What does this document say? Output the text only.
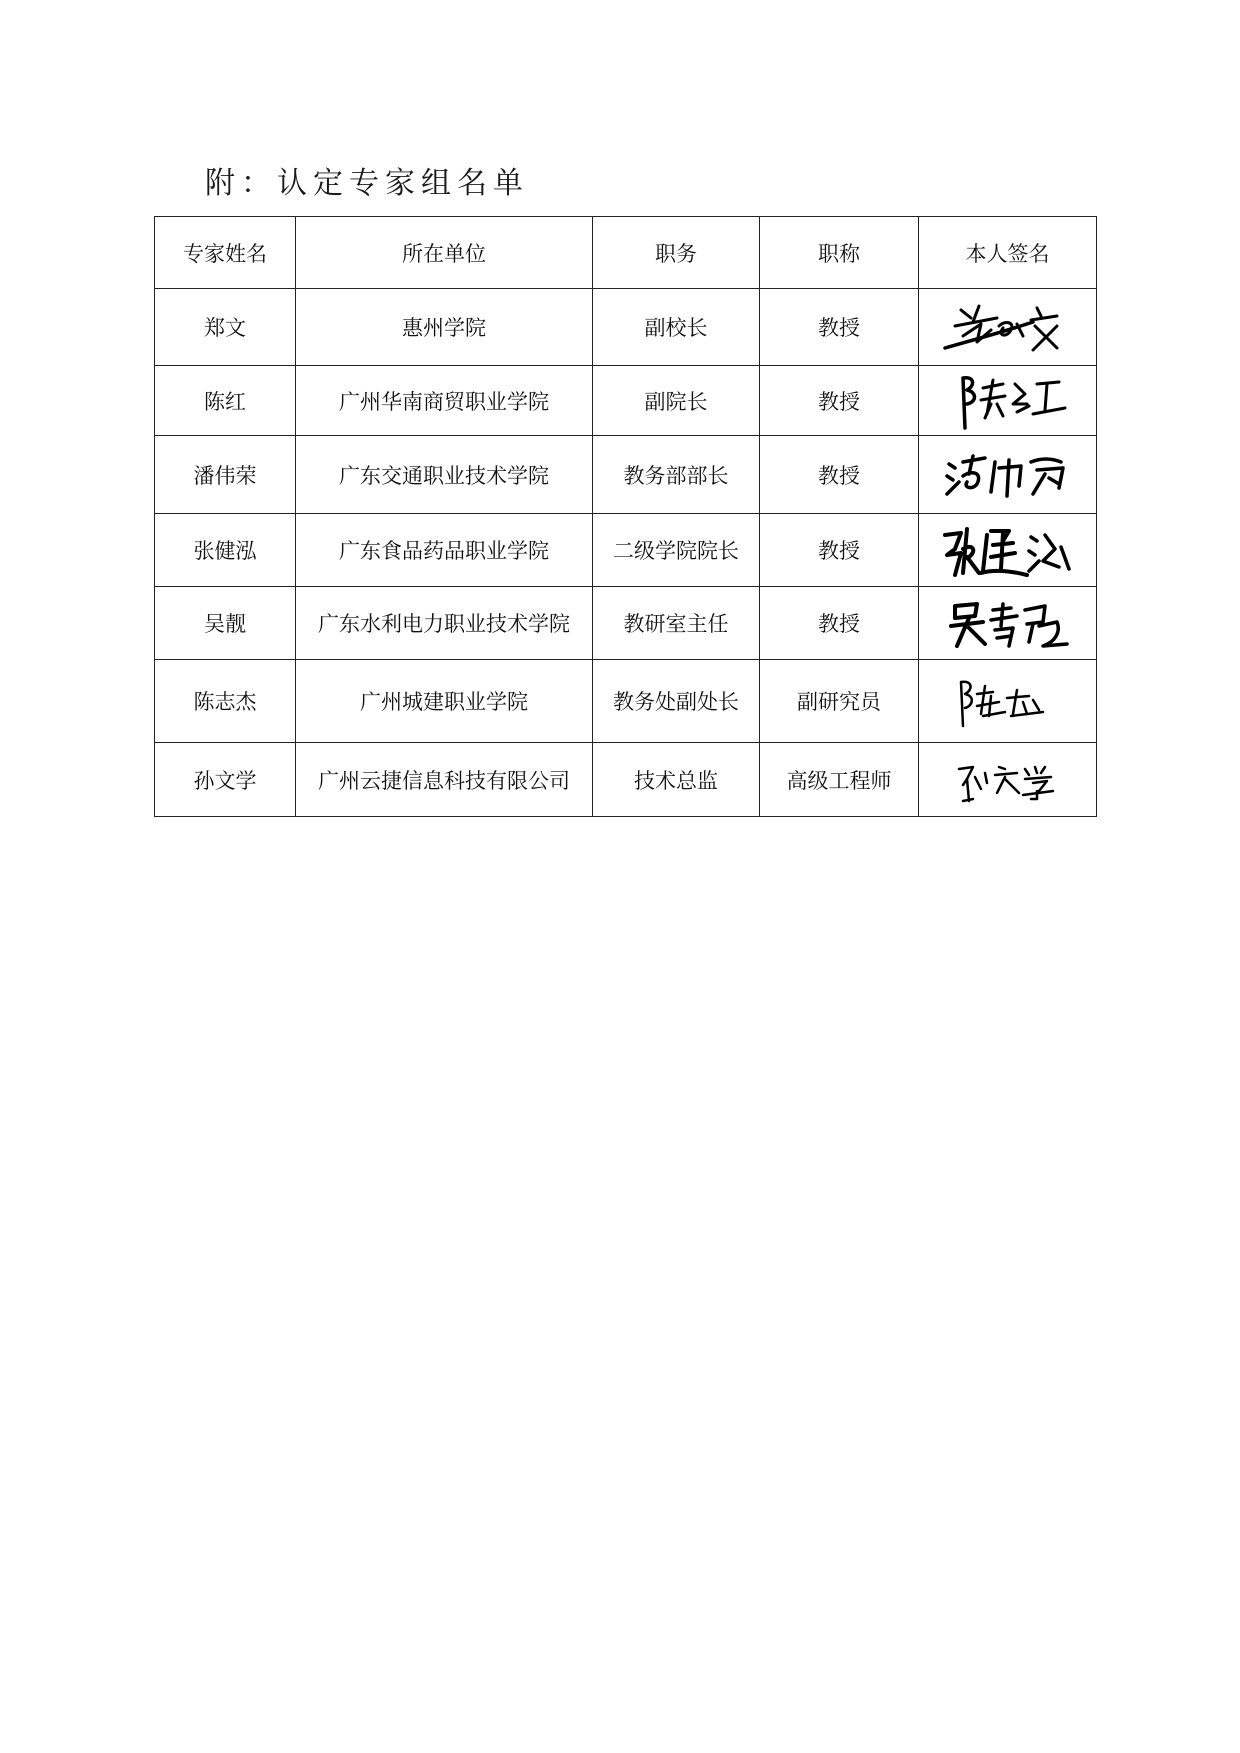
附：认定专家组名单
专家姓名	所在单位	职务	职称	本人签名
郑文	惠州学院	副校长	教授	

陈红	广州华南商贸职业学院	副院长	教授	

潘伟荣	广东交通职业技术学院	教务部部长	教授	

张健泓	广东食品药品职业学院	二级学院院长	教授	

吴靓	广东水利电力职业技术学院	教研室主任	教授	

陈志杰	广州城建职业学院	教务处副处长	副研究员	

孙文学	广州云捷信息科技有限公司	技术总监	高级工程师	
